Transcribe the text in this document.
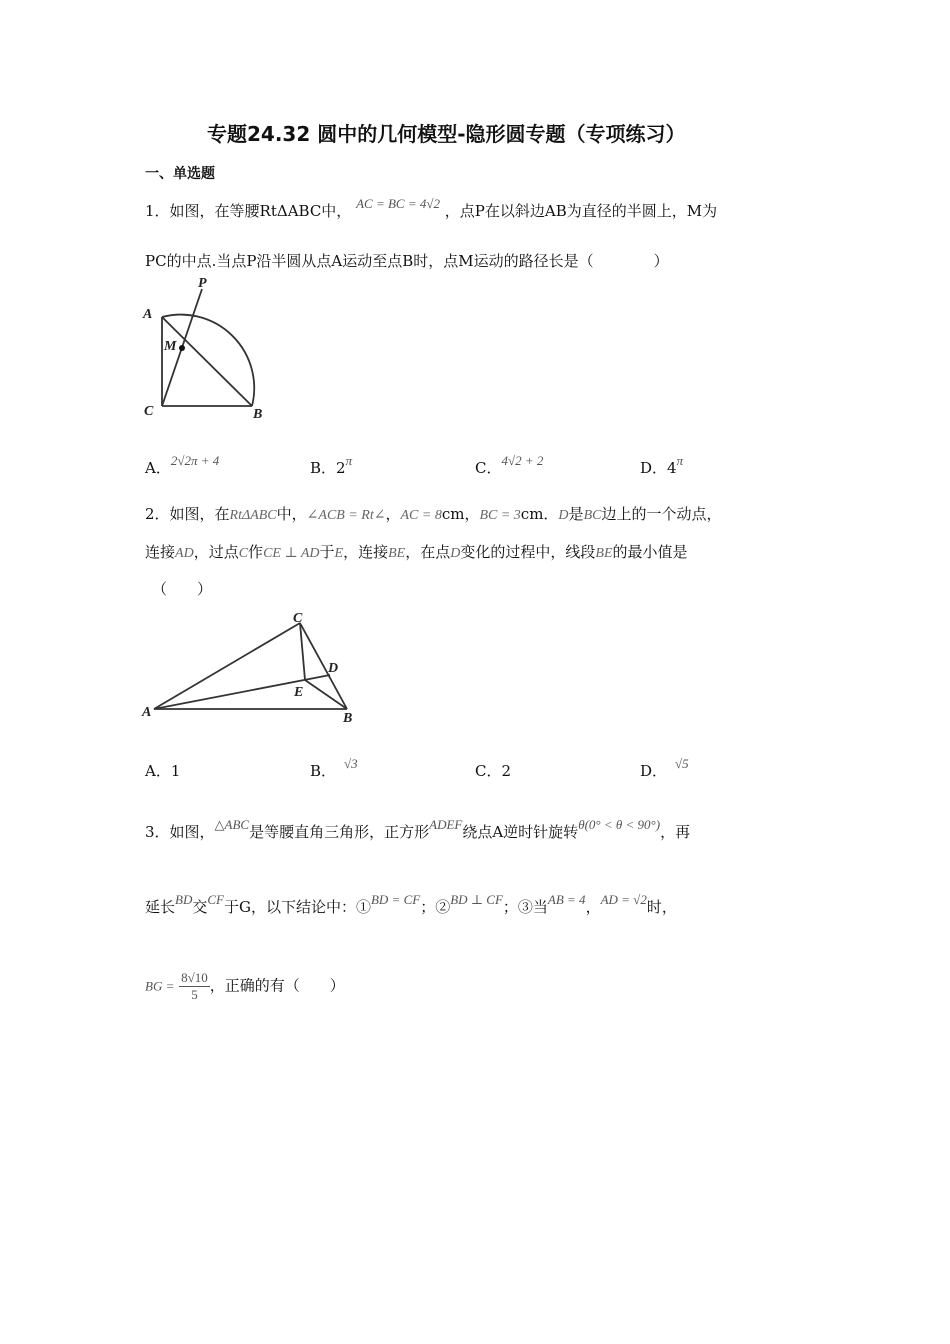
专题24.32 圆中的几何模型-隐形圆专题（专项练习）
一、单选题
1．如图，在等腰RtΔABC中， AC = BC = 4√2 ，点P在以斜边AB为直径的半圆上，M为
PC的中点.当点P沿半圆从点A运动至点B时，点M运动的路径长是（　　　　）
P
A
M
C	B
A．2√2π + 4	B．2π	C．4√2 + 2	D．4π
2．如图，在RtΔABC中，∠ACB = Rt∠，AC = 8cm，BC = 3cm．D是BC边上的一个动点，
连接AD，过点C作CE ⊥ AD于E，连接BE，在点D变化的过程中，线段BE的最小值是
（　　）
C
D
E
A	B
A．1	B． √3	C．2	D． √5
3．如图，△ABC是等腰直角三角形，正方形ADEF绕点A逆时针旋转θ(0° < θ < 90°)，再
延长BD交CF于G，以下结论中：①BD = CF；②BD ⊥ CF；③当AB = 4，AD = √2时，
BG = $\frac{8√10}{5}$ ，正确的有（　　）
